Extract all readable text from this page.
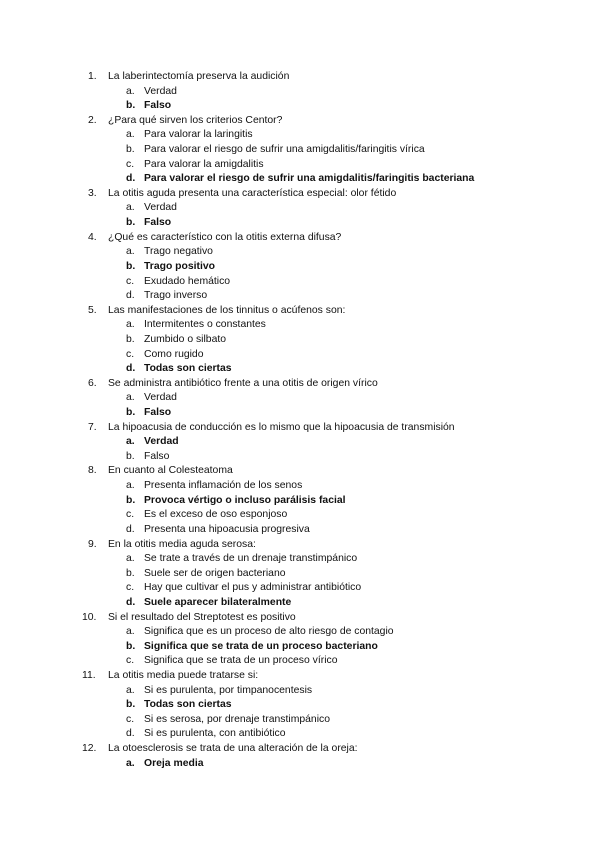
1.	La laberintectomía preserva la audición
a. Verdad
b. Falso
2.	¿Para qué sirven los criterios Centor?
a. Para valorar la laringitis
b. Para valorar el riesgo de sufrir una amigdalitis/faringitis vírica
c. Para valorar la amigdalitis
d. Para valorar el riesgo de sufrir una amigdalitis/faringitis bacteriana
3.	La otitis aguda presenta una característica especial: olor fétido
a. Verdad
b. Falso
4.	¿Qué es característico con la otitis externa difusa?
a. Trago negativo
b. Trago positivo
c. Exudado hemático
d. Trago inverso
5.	Las manifestaciones de los tinnitus o acúfenos son:
a. Intermitentes o constantes
b. Zumbido o silbato
c. Como rugido
d. Todas son ciertas
6.	Se administra antibiótico frente a una otitis de origen vírico
a. Verdad
b. Falso
7.	La hipoacusia de conducción es lo mismo que la hipoacusia de transmisión
a. Verdad
b. Falso
8.	En cuanto al Colesteatoma
a. Presenta inflamación de los senos
b. Provoca vértigo o incluso parálisis facial
c. Es el exceso de oso esponjoso
d. Presenta una hipoacusia progresiva
9.	En la otitis media aguda serosa:
a. Se trate a través de un drenaje transtimpánico
b. Suele ser de origen bacteriano
c. Hay que cultivar el pus y administrar antibiótico
d. Suele aparecer bilateralmente
10.	Si el resultado del Streptotest es positivo
a. Significa que es un proceso de alto riesgo de contagio
b. Significa que se trata de un proceso bacteriano
c. Significa que se trata de un proceso vírico
11.	La otitis media puede tratarse si:
a. Si es purulenta, por timpanocentesis
b. Todas son ciertas
c. Si es serosa, por drenaje transtimpánico
d. Si es purulenta, con antibiótico
12.	La otoesclerosis se trata de una alteración de la oreja:
a. Oreja media
